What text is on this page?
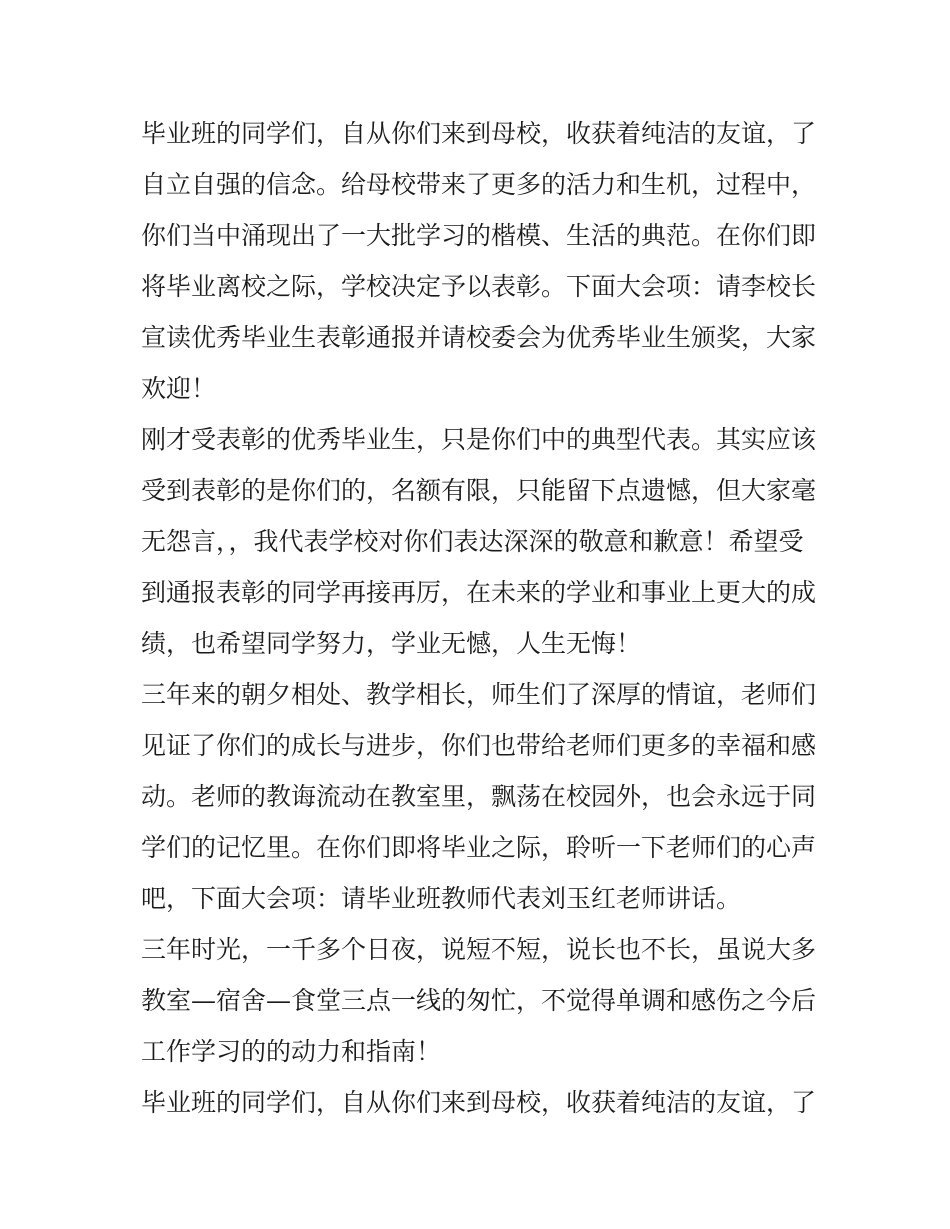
毕业班的同学们，自从你们来到母校，收获着纯洁的友谊，了
自立自强的信念。给母校带来了更多的活力和生机，过程中，
你们当中涌现出了一大批学习的楷模、生活的典范。在你们即
将毕业离校之际，学校决定予以表彰。下面大会项：请李校长
宣读优秀毕业生表彰通报并请校委会为优秀毕业生颁奖，大家
欢迎！

刚才受表彰的优秀毕业生，只是你们中的典型代表。其实应该
受到表彰的是你们的，名额有限，只能留下点遗憾，但大家毫
无怨言，，我代表学校对你们表达深深的敬意和歉意！希望受
到通报表彰的同学再接再厉，在未来的学业和事业上更大的成
绩，也希望同学努力，学业无憾，人生无悔！

三年来的朝夕相处、教学相长，师生们了深厚的情谊，老师们
见证了你们的成长与进步，你们也带给老师们更多的幸福和感
动。老师的教诲流动在教室里，飘荡在校园外，也会永远于同
学们的记忆里。在你们即将毕业之际，聆听一下老师们的心声
吧，下面大会项：请毕业班教师代表刘玉红老师讲话。

三年时光，一千多个日夜，说短不短，说长也不长，虽说大多
教室—宿舍—食堂三点一线的匆忙，不觉得单调和感伤之今后
工作学习的的动力和指南！

毕业班的同学们，自从你们来到母校，收获着纯洁的友谊，了
